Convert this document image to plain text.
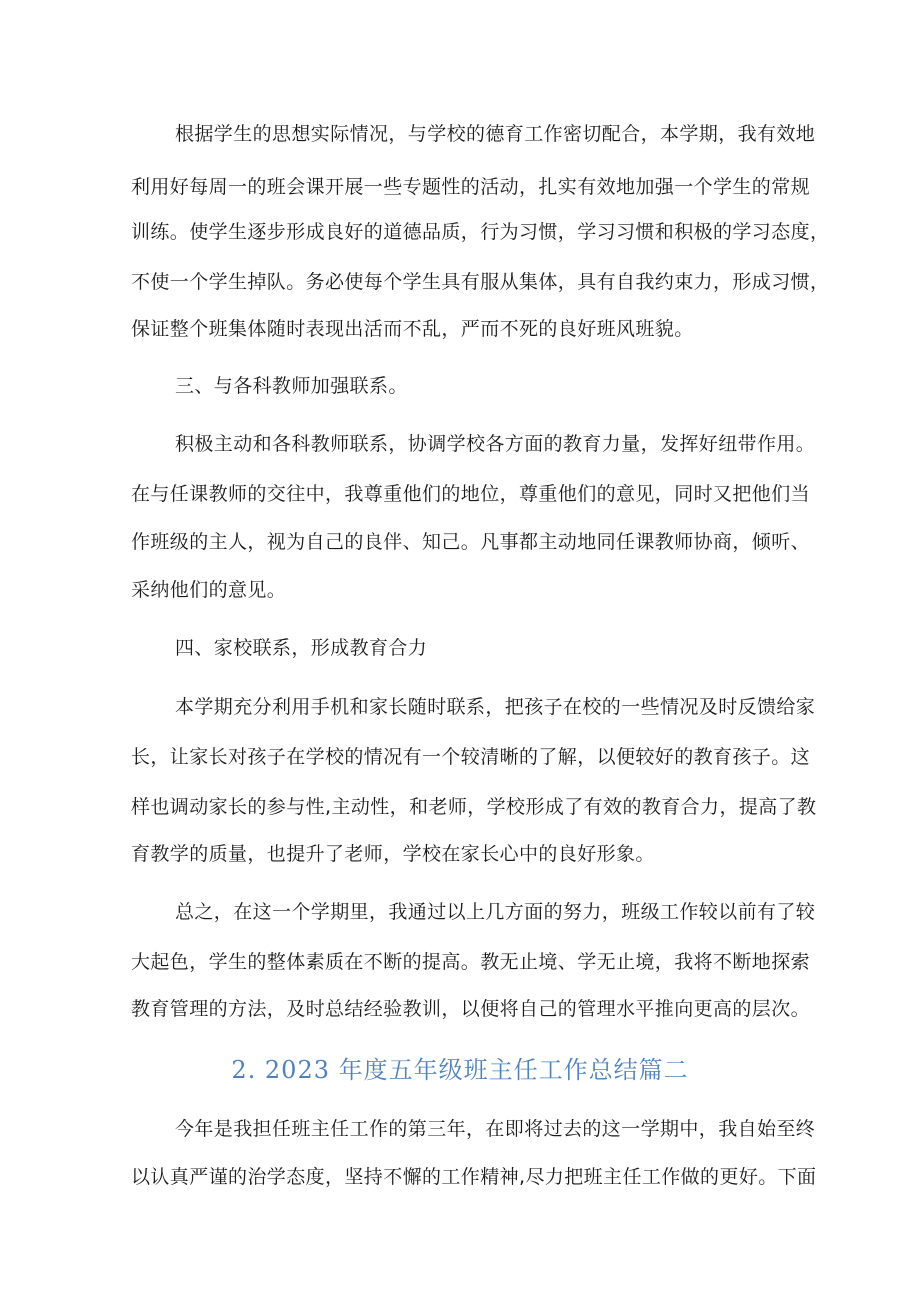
根据学生的思想实际情况，与学校的德育工作密切配合，本学期，我有效地

利用好每周一的班会课开展一些专题性的活动，扎实有效地加强一个学生的常规

训练。使学生逐步形成良好的道德品质，行为习惯，学习习惯和积极的学习态度，

不使一个学生掉队。务必使每个学生具有服从集体，具有自我约束力，形成习惯，

保证整个班集体随时表现出活而不乱，严而不死的良好班风班貌。

三、与各科教师加强联系。

积极主动和各科教师联系，协调学校各方面的教育力量，发挥好纽带作用。

在与任课教师的交往中，我尊重他们的地位，尊重他们的意见，同时又把他们当

作班级的主人，视为自己的良伴、知己。凡事都主动地同任课教师协商，倾听、

采纳他们的意见。

四、家校联系，形成教育合力

本学期充分利用手机和家长随时联系，把孩子在校的一些情况及时反馈给家

长，让家长对孩子在学校的情况有一个较清晰的了解，以便较好的教育孩子。这

样也调动家长的参与性,主动性，和老师，学校形成了有效的教育合力，提高了教

育教学的质量，也提升了老师，学校在家长心中的良好形象。

总之，在这一个学期里，我通过以上几方面的努力，班级工作较以前有了较

大起色，学生的整体素质在不断的提高。教无止境、学无止境，我将不断地探索

教育管理的方法，及时总结经验教训，以便将自己的管理水平推向更高的层次。

2. 2023 年度五年级班主任工作总结篇二

今年是我担任班主任工作的第三年，在即将过去的这一学期中，我自始至终

以认真严谨的治学态度，坚持不懈的工作精神,尽力把班主任工作做的更好。下面
